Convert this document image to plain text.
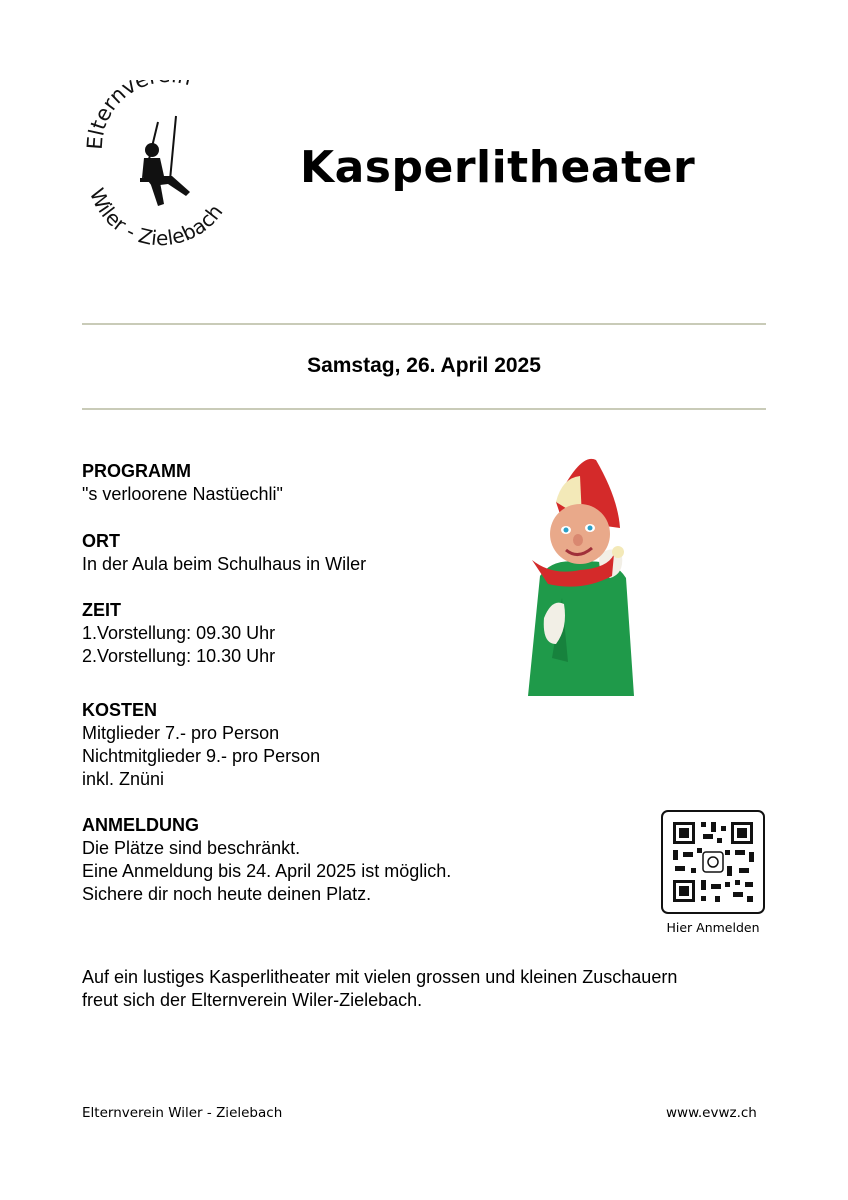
Elternve
Wiler - Zielebach
Kasperlitheater
Samstag, 26. April 2025
PROGRAMM
"s verloorene Nastüechli"
ORT
In der Aula beim Schulhaus in Wiler
ZEIT
1.Vorstellung: 09.30 Uhr
2.Vorstellung: 10.30 Uhr
KOSTEN
Mitglieder 7.- pro Person
Nichtmitglieder 9.- pro Person
inkl. Znüni
ANMELDUNG
Die Plätze sind beschränkt.
Eine Anmeldung bis 24. April 2025 ist möglich.
Sichere dir noch heute deinen Platz.
Hier Anmelden
Auf ein lustiges Kasperlitheater mit vielen grossen und kleinen Zuschauern
freut sich der Elternverein Wiler-Zielebach.
Elternverein Wiler - Zielebach	www.evwz.ch
